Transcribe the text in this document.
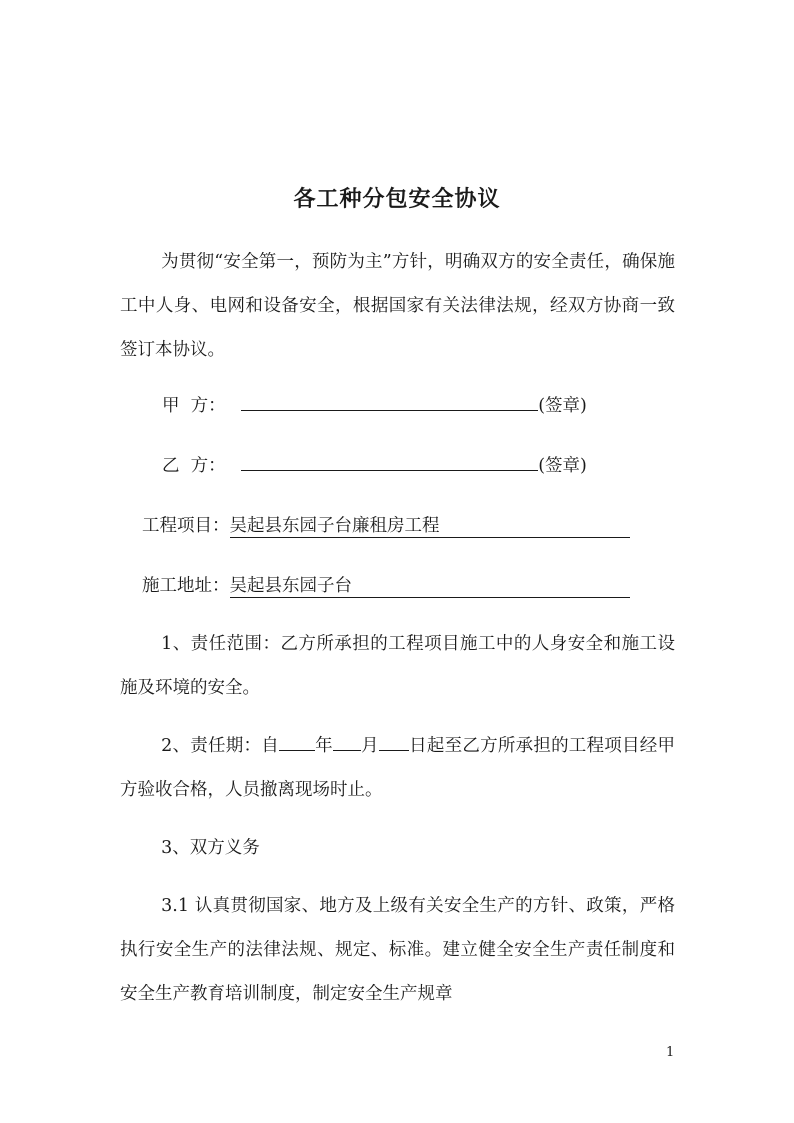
各工种分包安全协议

为贯彻“安全第一，预防为主”方针，明确双方的安全责任，确保施工中人身、电网和设备安全，根据国家有关法律法规，经双方协商一致签订本协议。

甲  方：	(签章)
乙  方：	(签章)
工程项目：吴起县东园子台廉租房工程
施工地址：吴起县东园子台

1、责任范围：乙方所承担的工程项目施工中的人身安全和施工设施及环境的安全。

2、责任期：自 年 月 日起至乙方所承担的工程项目经甲方验收合格，人员撤离现场时止。

3、双方义务

3.1 认真贯彻国家、地方及上级有关安全生产的方针、政策，严格执行安全生产的法律法规、规定、标准。建立健全安全生产责任制度和安全生产教育培训制度，制定安全生产规章

1
